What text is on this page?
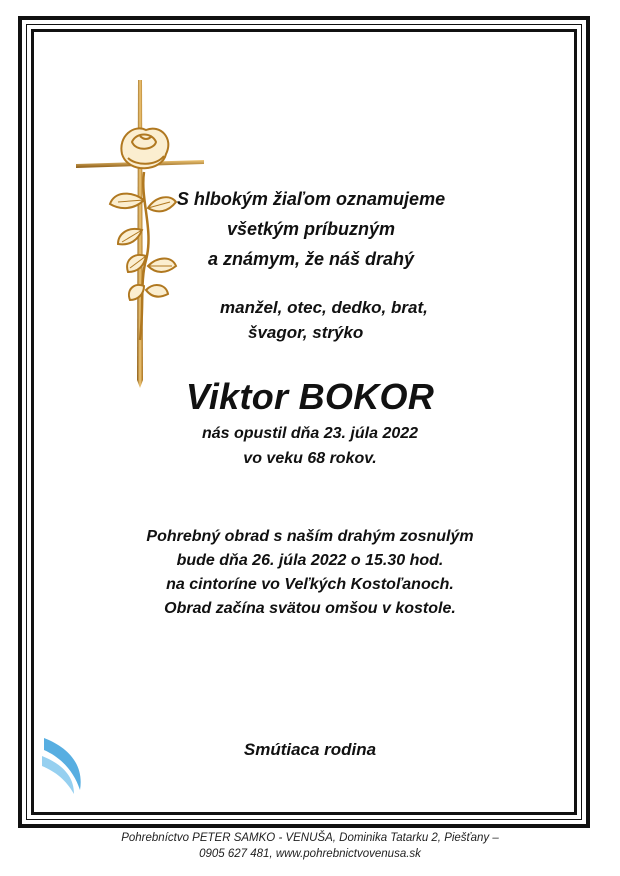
S hlbokým žiaľom oznamujeme
všetkým príbuzným
a známym, že náš drahý
manžel, otec, dedko, brat,
švagor, strýko
Viktor BOKOR
nás opustil dňa 23. júla 2022
vo veku 68 rokov.
Pohrebný obrad s naším drahým zosnulým
bude dňa 26. júla 2022 o 15.30 hod.
na cintoríne vo Veľkých Kostoľanoch.
Obrad začína svätou omšou v kostole.
Smútiaca rodina
Pohrebníctvo PETER SAMKO - VENUŠA, Dominika Tatarku 2, Piešťany –
0905 627 481, www.pohrebnictvovenusa.sk
